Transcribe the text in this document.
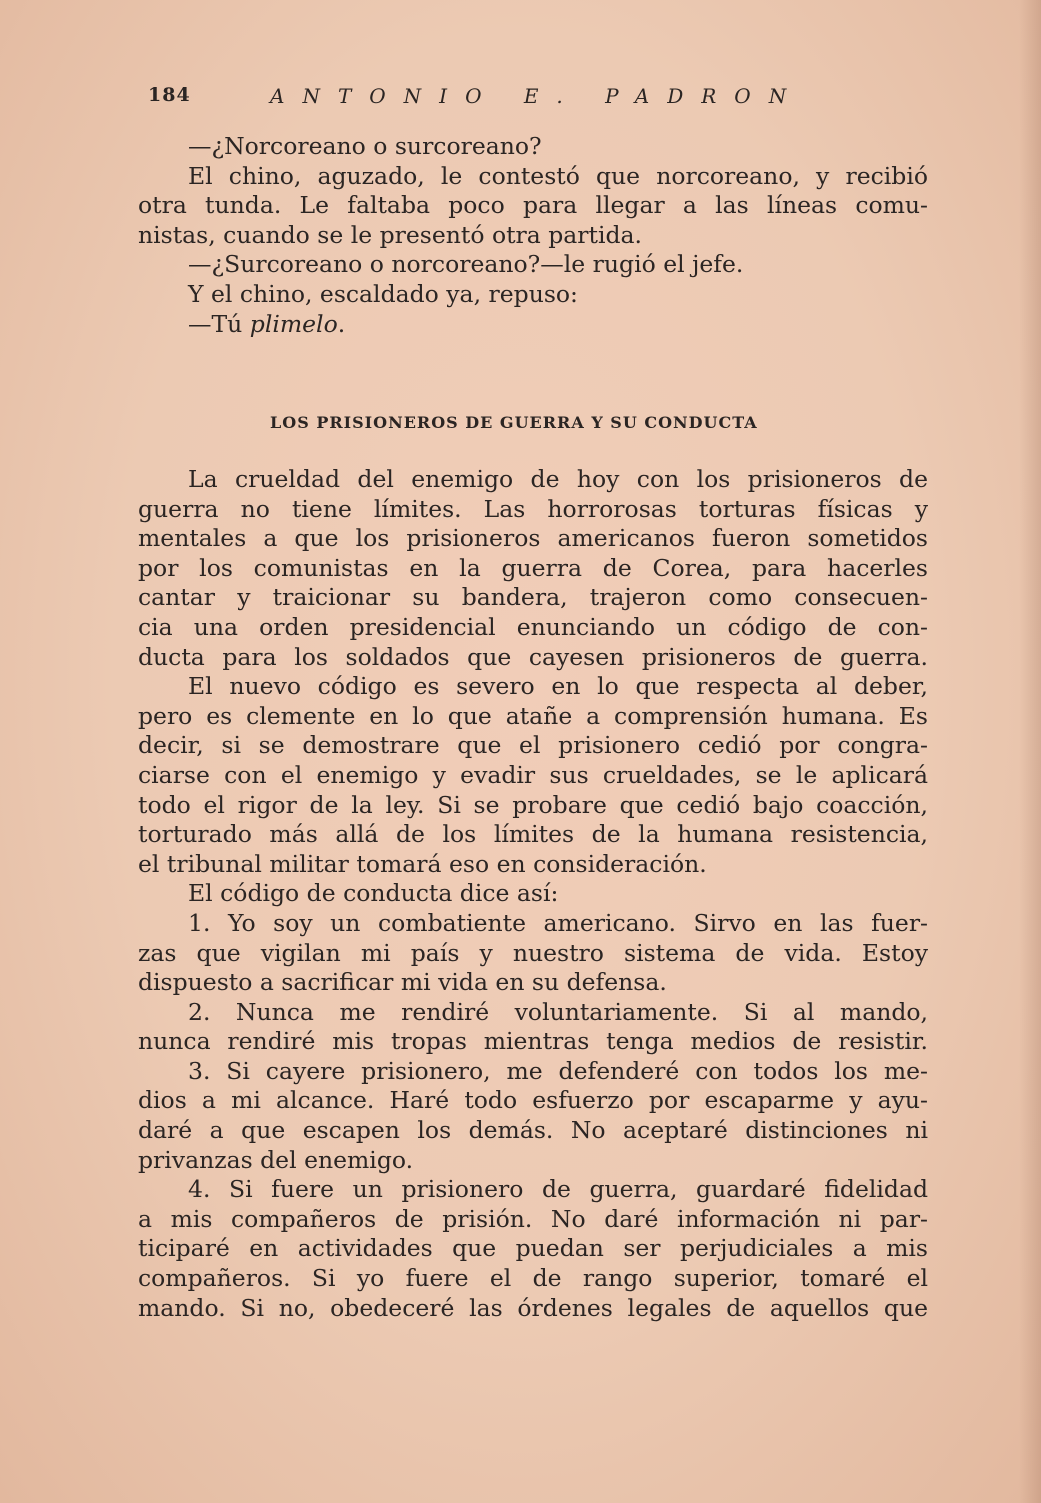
184	ANTONIO E. PADRON
—¿Norcoreano o surcoreano?
El chino, aguzado, le contestó que norcoreano, y recibió
otra tunda. Le faltaba poco para llegar a las líneas comu-
nistas, cuando se le presentó otra partida.
—¿Surcoreano o norcoreano?—le rugió el jefe.
Y el chino, escaldado ya, repuso:
—Tú plimelo.
LOS PRISIONEROS DE GUERRA Y SU CONDUCTA
La crueldad del enemigo de hoy con los prisioneros de
guerra no tiene límites. Las horrorosas torturas físicas y
mentales a que los prisioneros americanos fueron sometidos
por los comunistas en la guerra de Corea, para hacerles
cantar y traicionar su bandera, trajeron como consecuen-
cia una orden presidencial enunciando un código de con-
ducta para los soldados que cayesen prisioneros de guerra.
El nuevo código es severo en lo que respecta al deber,
pero es clemente en lo que atañe a comprensión humana. Es
decir, si se demostrare que el prisionero cedió por congra-
ciarse con el enemigo y evadir sus crueldades, se le aplicará
todo el rigor de la ley. Si se probare que cedió bajo coacción,
torturado más allá de los límites de la humana resistencia,
el tribunal militar tomará eso en consideración.
El código de conducta dice así:
1. Yo soy un combatiente americano. Sirvo en las fuer-
zas que vigilan mi país y nuestro sistema de vida. Estoy
dispuesto a sacrificar mi vida en su defensa.
2. Nunca me rendiré voluntariamente. Si al mando,
nunca rendiré mis tropas mientras tenga medios de resistir.
3. Si cayere prisionero, me defenderé con todos los me-
dios a mi alcance. Haré todo esfuerzo por escaparme y ayu-
daré a que escapen los demás. No aceptaré distinciones ni
privanzas del enemigo.
4. Si fuere un prisionero de guerra, guardaré fidelidad
a mis compañeros de prisión. No daré información ni par-
ticiparé en actividades que puedan ser perjudiciales a mis
compañeros. Si yo fuere el de rango superior, tomaré el
mando. Si no, obedeceré las órdenes legales de aquellos que
